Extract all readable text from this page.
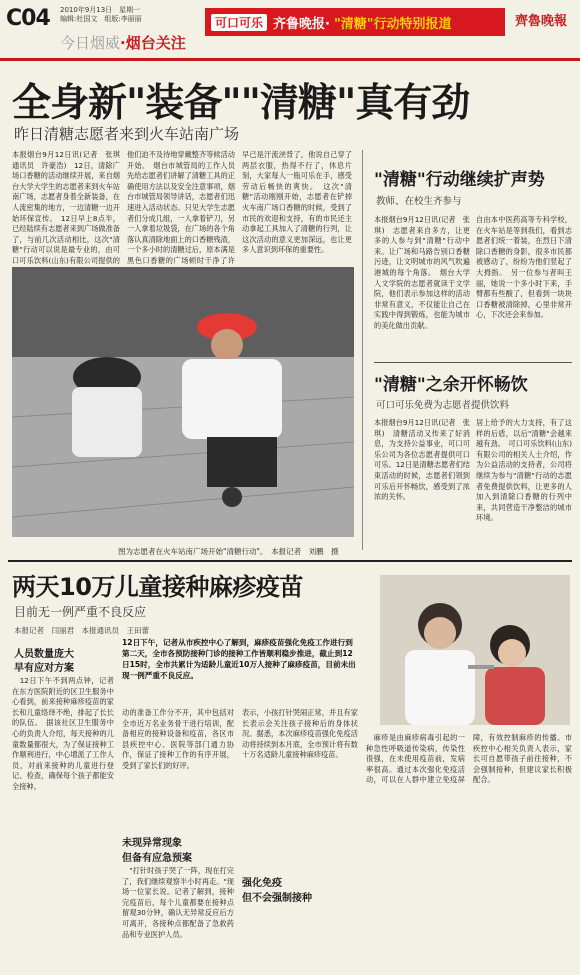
C04 2010年9月13日　星期一
编辑:杜国文　组版:李丽丽
今日烟威·烟台关注
可口可乐 齐鲁晚报· "清糖"行动特别报道	齊魯晚報
全身新"装备""清糖"真有劲
昨日清糖志愿者来到火车站南广场
本报烟台9月12日讯(记者　张琪　通讯员　许豪浩)　12日，清除广场口香糖的活动继续开展，来自烟台大学大学生的志愿者来到火车站南广场，志愿者身着全新装备，在人流密集的地方，一边清糖一边开始环保宣传。　12日早上8点半，已经陆续有志愿者来到广场做准备了，与前几次活动相比，这次"清糖"行动可以说是最专业的，由可口可乐饮料(山东)有限公司提供的
他们迫不及待地穿戴整齐等候活动开始。　烟台市城管局的工作人员先给志愿者们讲解了清糖工具的正确使用方法以及安全注意事项，烟台市城管局领导讲话，志愿者们迅速进入活动状态。只见大学生志愿者们分成几组，一人拿着铲刀，另一人拿着垃圾袋，在广场的各个角落认真清除地面上的口香糖残渣，一个多小时的清糖过后，原本满是黑色口香糖的广场顿时干净了许
早已是汗流浃背了，他说自己穿了两层衣服，热得不行了，休息片刻，大家每人一瓶可乐在手，感受劳动后畅快的爽快。　这次"清糖"活动刚刚开始，志愿者在铲掉火车南广场口香糖的时候，受到了市民的欢迎和支持，有的市民还主动拿起工具加入了清糖的行列，让这次活动的意义更加深远，也让更多人意识到环保的重要性。
图为志愿者在火车站南广场开始"清糖行动"。　本报记者　刘鹏　摄
"清糖"行动继续扩声势
教师、在校生齐参与
本报烟台9月12日讯(记者　张琪)　志愿者来自多方，让更多的人参与到"清糖"行动中来。让广场和马路告别口香糖污迹，让文明城市的风气吹遍港城的每个角落。　烟台大学人文学院的志愿者就读于文学院，他们表示参加这样的活动非常有意义，不仅能让自己在实践中得到锻炼，也能为城市的美化做出贡献。
自由本中医药高等专科学校，在火车站是等到我们，看到志愿者们统一着装，在烈日下清除口香糖的身影，很多市民都被感动了，纷纷为他们竖起了大拇指。　另一位参与者叫王丽，她说一个多小时下来，手臂都有些酸了，但看到一块块口香糖被清除掉，心里非常开心，下次还会来参加。
"清糖"之余开怀畅饮
可口可乐免费为志愿者提供饮料
本报烟台9月12日讯(记者　张琪)　清糖活动又传来了好消息，为支持公益事业，可口可乐公司为各位志愿者提供可口可乐。12日是清糖志愿者们结束活动的时候，志愿者们领到可乐后开怀畅饮，感受到了浓浓的关怀。
居上给予的大力支持，有了这样的后盾，以后"清糖"会越来越有劲。　可口可乐饮料(山东)有限公司的相关人士介绍，作为公益活动的支持者，公司将继续为参与"清糖"行动的志愿者免费提供饮料，让更多的人加入到清除口香糖的行列中来，共同营造干净整洁的城市环境。
两天10万儿童接种麻疹疫苗
目前无一例严重不良反应
本报记者　闫丽君　本报通讯员　王田蕾
人员数量庞大
早有应对方案
　12日下午不到两点钟，记者在东方医院附近的区卫生服务中心看到，前来接种麻疹疫苗的家长和儿童络绎不绝，排起了长长的队伍。　据该社区卫生服务中心的负责人介绍，每天接种的儿童数量都很大，为了保证接种工作顺利进行，中心增派了工作人员，对前来接种的儿童进行登记、检查，确保每个孩子都能安全接种。
12日下午，记者从市疾控中心了解到，麻疹疫苗强化免疫工作进行到第二天，全市各预防接种门诊的接种工作皆顺利稳步推进，截止到12日15时，全市共累计为适龄儿童近10万人接种了麻疹疫苗，目前未出现一例严重不良反应。
动的准备工作分不开，其中包括对全市近万名业务骨干进行培训，配备相应的接种设备和疫苗，各区市县疾控中心、医院等部门通力协作，保证了接种工作的有序开展，受到了家长们的好评。
未现异常现象
但备有应急预案
　"打针时孩子哭了一阵，现在打完了，我们继续观察半小时再走。"现场一位家长说。记者了解到，接种完疫苗后，每个儿童都要在接种点留观30分钟，确认无异常反应后方可离开，各接种点都配备了急救药品和专业医护人员。
表示，小孩打针哭闹正常，并且有家长表示会关注孩子接种后的身体状况。据悉，本次麻疹疫苗强化免疫活动将持续到本月底，全市预计将有数十万名适龄儿童接种麻疹疫苗。
强化免疫
但不会强制接种
　麻疹是由麻疹病毒引起的一种急性呼吸道传染病，传染性很强，在未使用疫苗前，发病率很高。通过本次强化免疫活动，可以在人群中建立免疫屏障，有效控制麻疹的传播。市疾控中心相关负责人表示，家长可自愿带孩子前往接种，不会强制接种，但建议家长积极配合。
